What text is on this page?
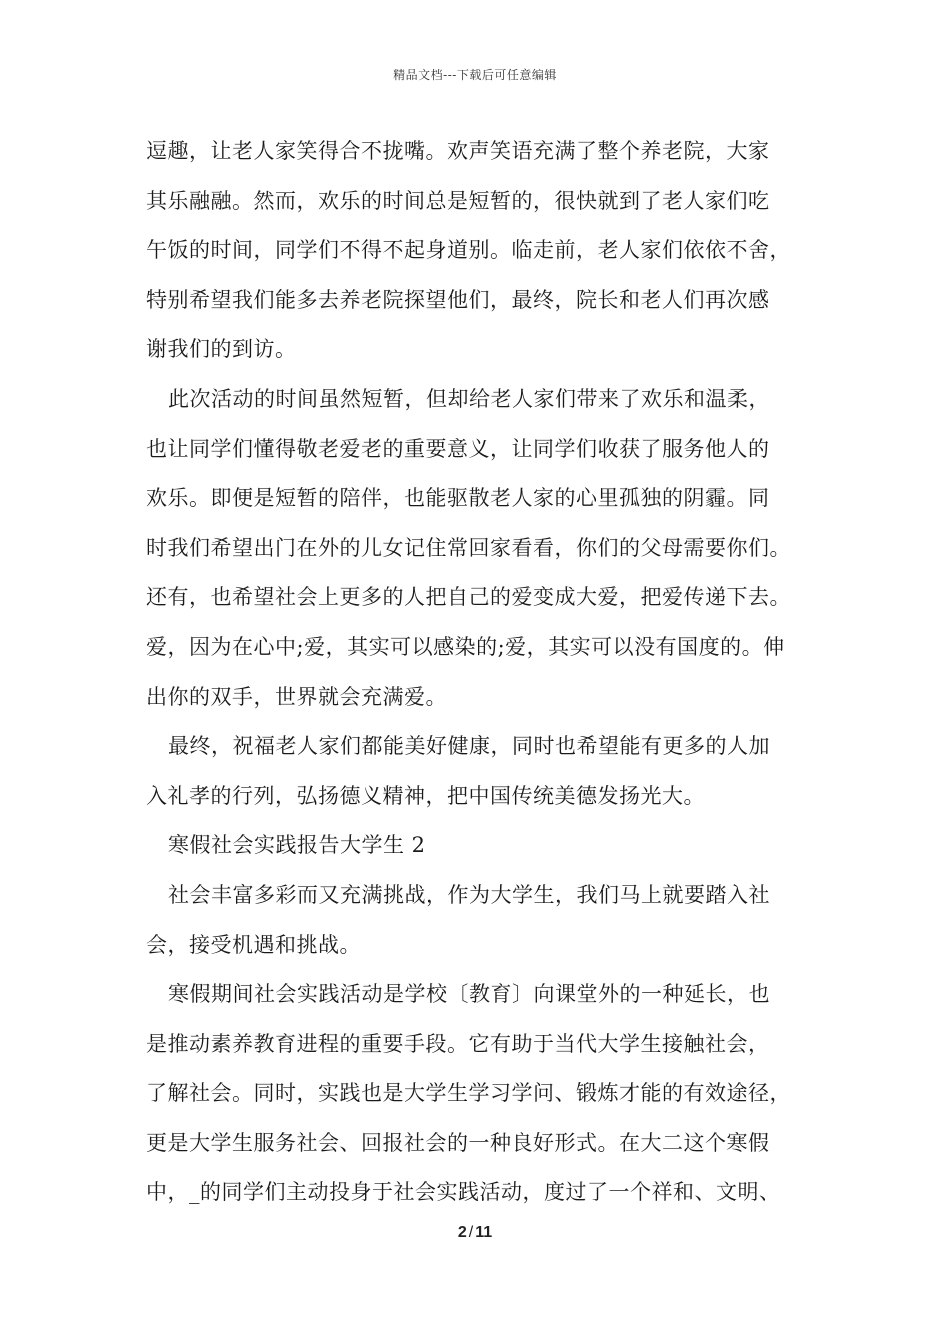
精品文档---下载后可任意编辑
逗趣，让老人家笑得合不拢嘴。欢声笑语充满了整个养老院，大家
其乐融融。然而，欢乐的时间总是短暂的，很快就到了老人家们吃
午饭的时间，同学们不得不起身道别。临走前，老人家们依依不舍，
特别希望我们能多去养老院探望他们，最终，院长和老人们再次感
谢我们的到访。
此次活动的时间虽然短暂，但却给老人家们带来了欢乐和温柔，
也让同学们懂得敬老爱老的重要意义，让同学们收获了服务他人的
欢乐。即便是短暂的陪伴，也能驱散老人家的心里孤独的阴霾。同
时我们希望出门在外的儿女记住常回家看看，你们的父母需要你们。
还有，也希望社会上更多的人把自己的爱变成大爱，把爱传递下去。
爱，因为在心中;爱，其实可以感染的;爱，其实可以没有国度的。伸
出你的双手，世界就会充满爱。
最终，祝福老人家们都能美好健康，同时也希望能有更多的人加
入礼孝的行列，弘扬德义精神，把中国传统美德发扬光大。
寒假社会实践报告大学生 2
社会丰富多彩而又充满挑战，作为大学生，我们马上就要踏入社
会，接受机遇和挑战。
寒假期间社会实践活动是学校〔教育〕向课堂外的一种延长，也
是推动素养教育进程的重要手段。它有助于当代大学生接触社会，
了解社会。同时，实践也是大学生学习学问、锻炼才能的有效途径，
更是大学生服务社会、回报社会的一种良好形式。在大二这个寒假
中，_的同学们主动投身于社会实践活动，度过了一个祥和、文明、
2 / 11
